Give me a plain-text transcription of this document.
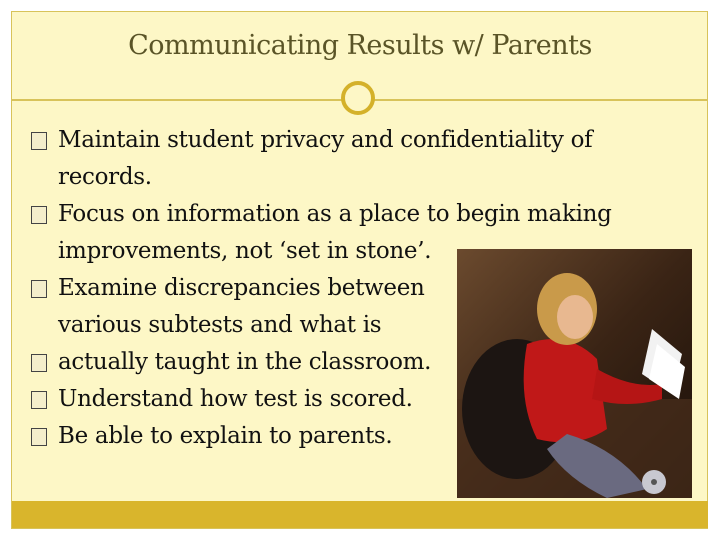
Communicating Results w/ Parents
Maintain student privacy and confidentiality of records.
Focus on information as a place to begin making improvements, not ‘set in stone’.
Examine discrepancies between various subtests and what is
actually taught in the classroom.
Understand how test is scored.
Be able to explain to parents.
